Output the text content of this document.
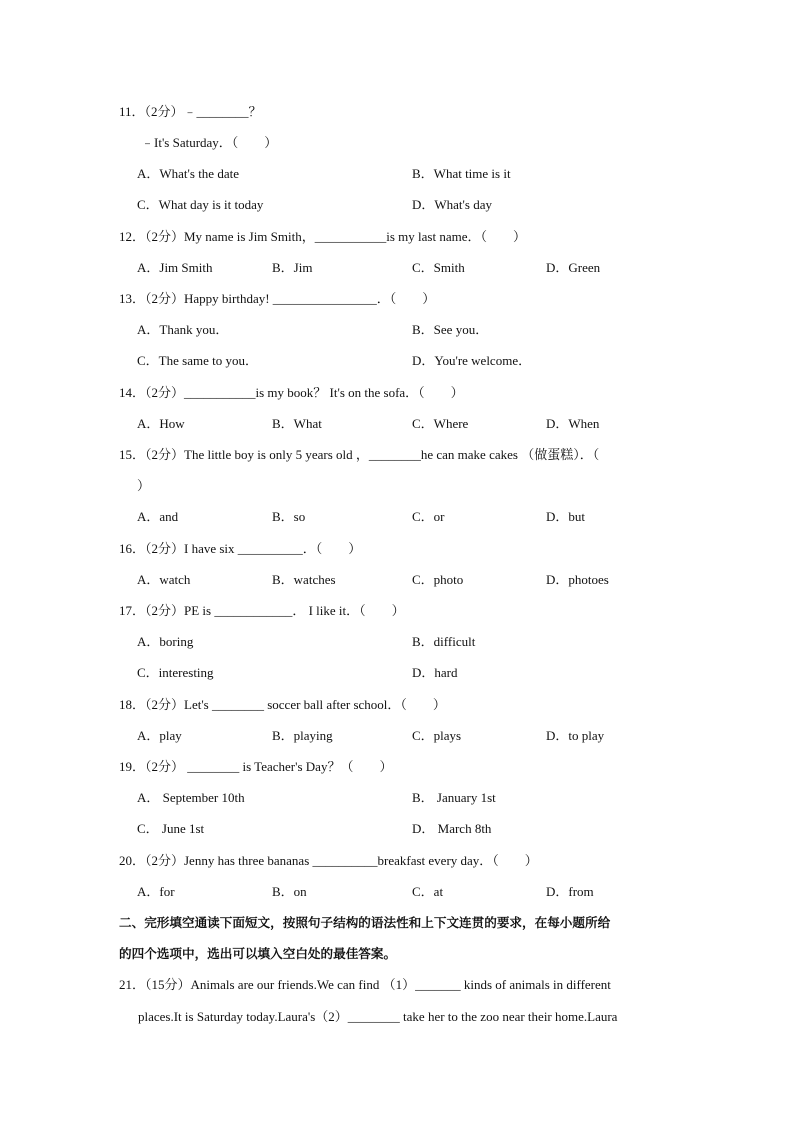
11．（2分）﹣________？
﹣It's Saturday．（　　）
A．What's the date	B．What time is it
C．What day is it today	D．What's day
12．（2分）My name is Jim Smith，___________is my last name．（　　）
A．Jim Smith	B．Jim	C．Smith	D．Green
13．（2分）Happy birthday! ________________．（　　）
A．Thank you．	B．See you．
C．The same to you．	D．You're welcome．
14．（2分）___________is my book？ It's on the sofa．（　　）
A．How	B．What	C．Where	D．When
15．（2分）The little boy is only 5 years old ，________he can make cakes （做蛋糕）．（
）
A．and	B．so	C．or	D．but
16．（2分）I have six __________．（　　）
A．watch	B．watches	C．photo	D．photoes
17．（2分）PE is ____________． I like it．（　　）
A．boring	B．difficult
C．interesting	D．hard
18．（2分）Let's ________ soccer ball after school．（　　）
A．play	B．playing	C．plays	D．to play
19．（2分） ________ is Teacher's Day？（　　）
A． September 10th	B． January 1st
C． June 1st	D． March 8th
20．（2分）Jenny has three bananas __________breakfast every day．（　　）
A．for	B．on	C．at	D．from
二、完形填空通读下面短文，按照句子结构的语法性和上下文连贯的要求，在每小题所给
的四个选项中，选出可以填入空白处的最佳答案。
21．（15分）Animals are our friends.We can find （1）_______ kinds of animals in different
places.It is Saturday today.Laura's（2）________ take her to the zoo near their home.Laura
